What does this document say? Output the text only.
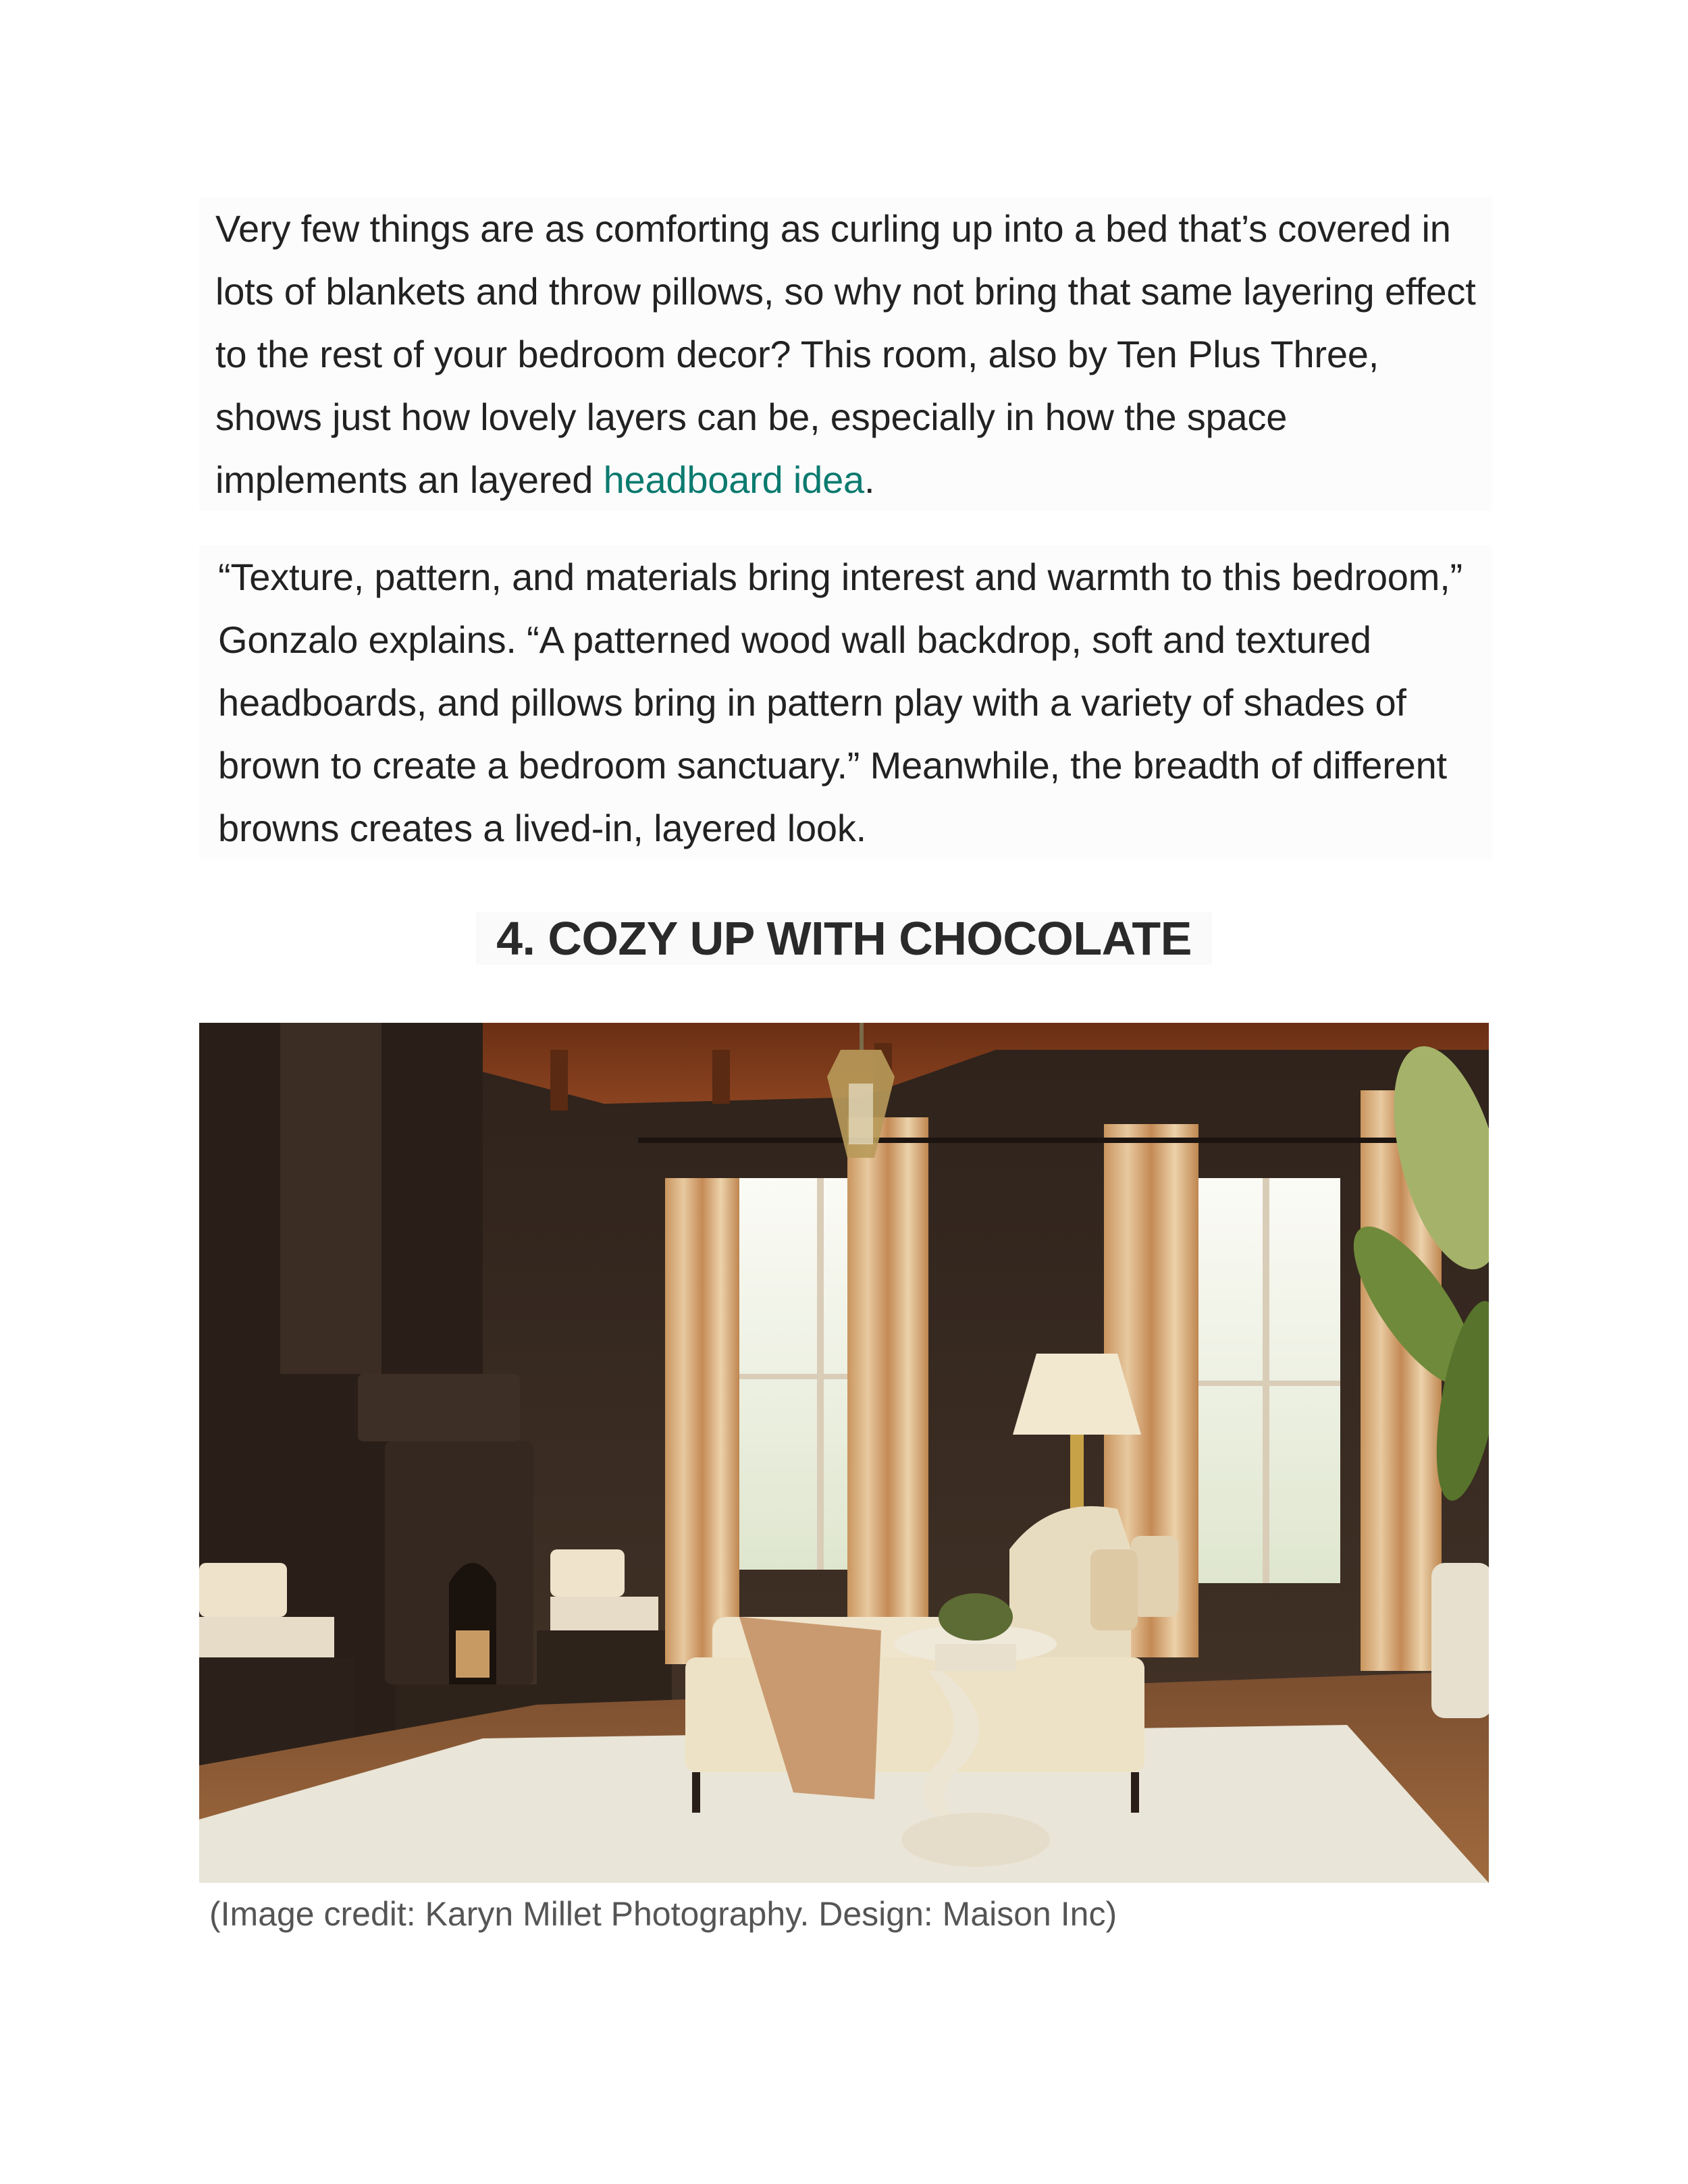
Very few things are as comforting as curling up into a bed that’s covered in lots of blankets and throw pillows, so why not bring that same layering effect to the rest of your bedroom decor? This room, also by Ten Plus Three, shows just how lovely layers can be, especially in how the space implements an layered headboard idea.

“Texture, pattern, and materials bring interest and warmth to this bedroom,” Gonzalo explains. “A patterned wood wall backdrop, soft and textured headboards, and pillows bring in pattern play with a variety of shades of brown to create a bedroom sanctuary.” Meanwhile, the breadth of different browns creates a lived-in, layered look.

4. COZY UP WITH CHOCOLATE

(Image credit: Karyn Millet Photography. Design: Maison Inc)
